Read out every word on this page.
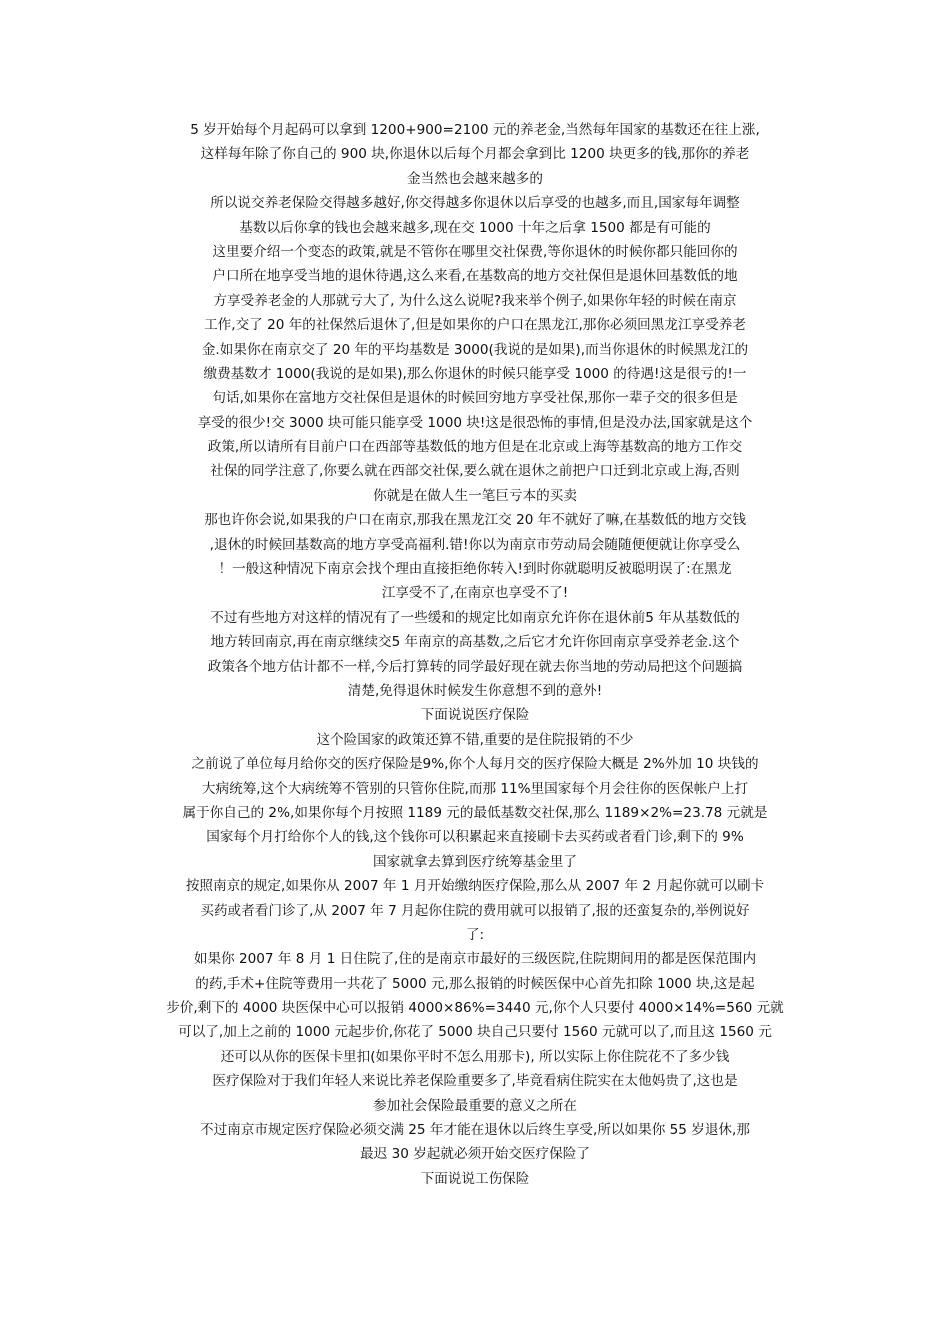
5 岁开始每个月起码可以拿到 1200+900=2100 元的养老金,当然每年国家的基数还在往上涨,
这样每年除了你自己的 900 块,你退休以后每个月都会拿到比 1200 块更多的钱,那你的养老
金当然也会越来越多的
所以说交养老保险交得越多越好,你交得越多你退休以后享受的也越多,而且,国家每年调整
基数以后你拿的钱也会越来越多,现在交 1000 十年之后拿 1500 都是有可能的
这里要介绍一个变态的政策,就是不管你在哪里交社保费,等你退休的时候你都只能回你的
户口所在地享受当地的退休待遇,这么来看,在基数高的地方交社保但是退休回基数低的地
方享受养老金的人那就亏大了, 为什么这么说呢?我来举个例子,如果你年轻的时候在南京
工作,交了 20 年的社保然后退休了,但是如果你的户口在黑龙江,那你必须回黑龙江享受养老
金.如果你在南京交了 20 年的平均基数是 3000(我说的是如果),而当你退休的时候黑龙江的
缴费基数才 1000(我说的是如果),那么你退休的时候只能享受 1000 的待遇!这是很亏的!一
句话,如果你在富地方交社保但是退休的时候回穷地方享受社保,那你一辈子交的很多但是
享受的很少!交 3000 块可能只能享受 1000 块!这是很恐怖的事情,但是没办法,国家就是这个
政策,所以请所有目前户口在西部等基数低的地方但是在北京或上海等基数高的地方工作交
社保的同学注意了,你要么就在西部交社保,要么就在退休之前把户口迁到北京或上海,否则
你就是在做人生一笔巨亏本的买卖
那也许你会说,如果我的户口在南京,那我在黑龙江交 20 年不就好了嘛,在基数低的地方交钱
,退休的时候回基数高的地方享受高福利.错!你以为南京市劳动局会随随便便就让你享受么
！一般这种情况下南京会找个理由直接拒绝你转入!到时你就聪明反被聪明误了:在黑龙
江享受不了,在南京也享受不了!
不过有些地方对这样的情况有了一些缓和的规定比如南京允许你在退休前5 年从基数低的
地方转回南京,再在南京继续交5 年南京的高基数,之后它才允许你回南京享受养老金.这个
政策各个地方估计都不一样,今后打算转的同学最好现在就去你当地的劳动局把这个问题搞
清楚,免得退休时候发生你意想不到的意外!
下面说说医疗保险
这个险国家的政策还算不错,重要的是住院报销的不少
之前说了单位每月给你交的医疗保险是9%,你个人每月交的医疗保险大概是 2%外加 10 块钱的
大病统筹,这个大病统筹不管别的只管你住院,而那 11%里国家每个月会往你的医保帐户上打
属于你自己的 2%,如果你每个月按照 1189 元的最低基数交社保,那么 1189×2%=23.78 元就是
国家每个月打给你个人的钱,这个钱你可以积累起来直接刷卡去买药或者看门诊,剩下的 9%
国家就拿去算到医疗统筹基金里了
按照南京的规定,如果你从 2007 年 1 月开始缴纳医疗保险,那么从 2007 年 2 月起你就可以刷卡
买药或者看门诊了,从 2007 年 7 月起你住院的费用就可以报销了,报的还蛮复杂的,举例说好
了:
如果你 2007 年 8 月 1 日住院了,住的是南京市最好的三级医院,住院期间用的都是医保范围内
的药,手术+住院等费用一共花了 5000 元,那么报销的时候医保中心首先扣除 1000 块,这是起
步价,剩下的 4000 块医保中心可以报销 4000×86%=3440 元,你个人只要付 4000×14%=560 元就
可以了,加上之前的 1000 元起步价,你花了 5000 块自己只要付 1560 元就可以了,而且这 1560 元
还可以从你的医保卡里扣(如果你平时不怎么用那卡), 所以实际上你住院花不了多少钱
医疗保险对于我们年轻人来说比养老保险重要多了,毕竟看病住院实在太他妈贵了,这也是
参加社会保险最重要的意义之所在
不过南京市规定医疗保险必须交满 25 年才能在退休以后终生享受,所以如果你 55 岁退休,那
最迟 30 岁起就必须开始交医疗保险了
下面说说工伤保险
